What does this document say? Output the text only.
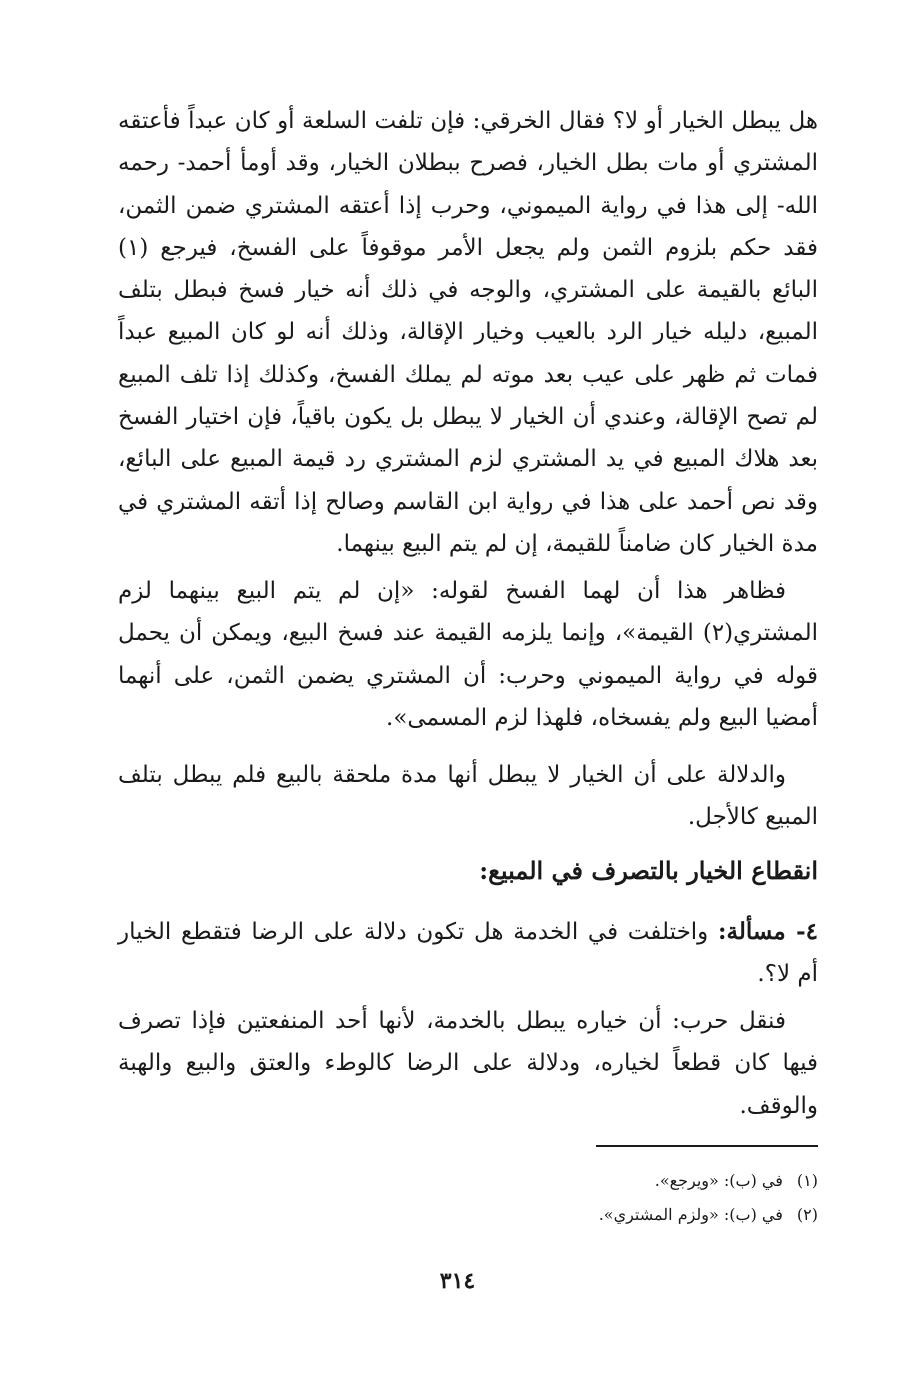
هل يبطل الخيار أو لا؟ فقال الخرقي: فإن تلفت السلعة أو كان عبداً فأعتقه المشتري أو مات بطل الخيار، فصرح ببطلان الخيار، وقد أومأ أحمد- رحمه الله- إلى هذا في رواية الميموني، وحرب إذا أعتقه المشتري ضمن الثمن، فقد حكم بلزوم الثمن ولم يجعل الأمر موقوفاً على الفسخ، فيرجع (١) البائع بالقيمة على المشتري، والوجه في ذلك أنه خيار فسخ فبطل بتلف المبيع، دليله خيار الرد بالعيب وخيار الإقالة، وذلك أنه لو كان المبيع عبداً فمات ثم ظهر على عيب بعد موته لم يملك الفسخ، وكذلك إذا تلف المبيع لم تصح الإقالة، وعندي أن الخيار لا يبطل بل يكون باقياً، فإن اختيار الفسخ بعد هلاك المبيع في يد المشتري لزم المشتري رد قيمة المبيع على البائع، وقد نص أحمد على هذا في رواية ابن القاسم وصالح إذا أتقه المشتري في مدة الخيار كان ضامناً للقيمة، إن لم يتم البيع بينهما.

فظاهر هذا أن لهما الفسخ لقوله: «إن لم يتم البيع بينهما لزم المشتري(٢) القيمة»، وإنما يلزمه القيمة عند فسخ البيع، ويمكن أن يحمل قوله في رواية الميموني وحرب: أن المشتري يضمن الثمن، على أنهما أمضيا البيع ولم يفسخاه، فلهذا لزم المسمى».

والدلالة على أن الخيار لا يبطل أنها مدة ملحقة بالبيع فلم يبطل بتلف المبيع كالأجل.

انقطاع الخيار بالتصرف في المبيع:

٤- مسألة: واختلفت في الخدمة هل تكون دلالة على الرضا فتقطع الخيار أم لا؟.

فنقل حرب: أن خياره يبطل بالخدمة، لأنها أحد المنفعتين فإذا تصرف فيها كان قطعاً لخياره، ودلالة على الرضا كالوطء والعتق والبيع والهبة والوقف.

(١)في (ب): «ويرجع».
(٢)في (ب): «ولزم المشتري».
٣١٤
